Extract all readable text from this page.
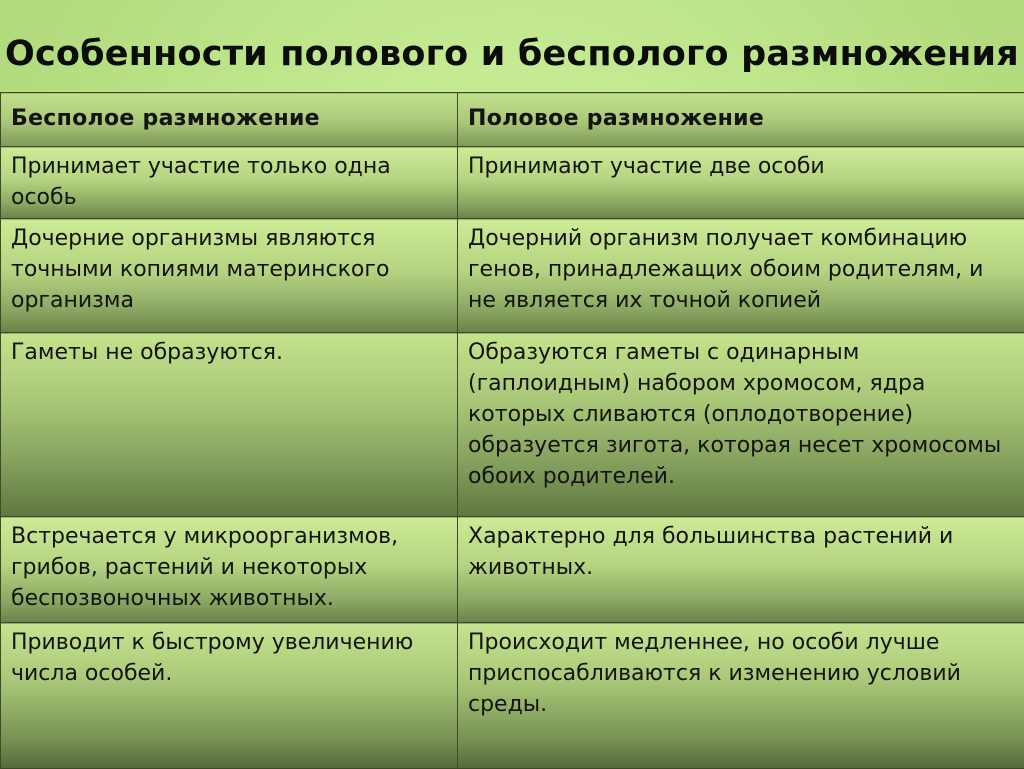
Особенности полового и бесполого размножения
Бесполое размножение	Половое размножение
Принимает участие только одна особь	Принимают участие две особи
Дочерние организмы являются точными копиями материнского организма	Дочерний организм получает комбинацию генов, принадлежащих обоим родителям, и не является их точной копией
Гаметы не образуются.	Образуются гаметы с одинарным (гаплоидным) набором хромосом, ядра которых сливаются (оплодотворение) образуется зигота, которая несет хромосомы обоих родителей.
Встречается у микроорганизмов, грибов, растений и некоторых беспозвоночных животных.	Характерно для большинства растений и животных.
Приводит к быстрому увеличению числа особей.	Происходит медленнее, но особи лучше приспосабливаются к изменению условий среды.
